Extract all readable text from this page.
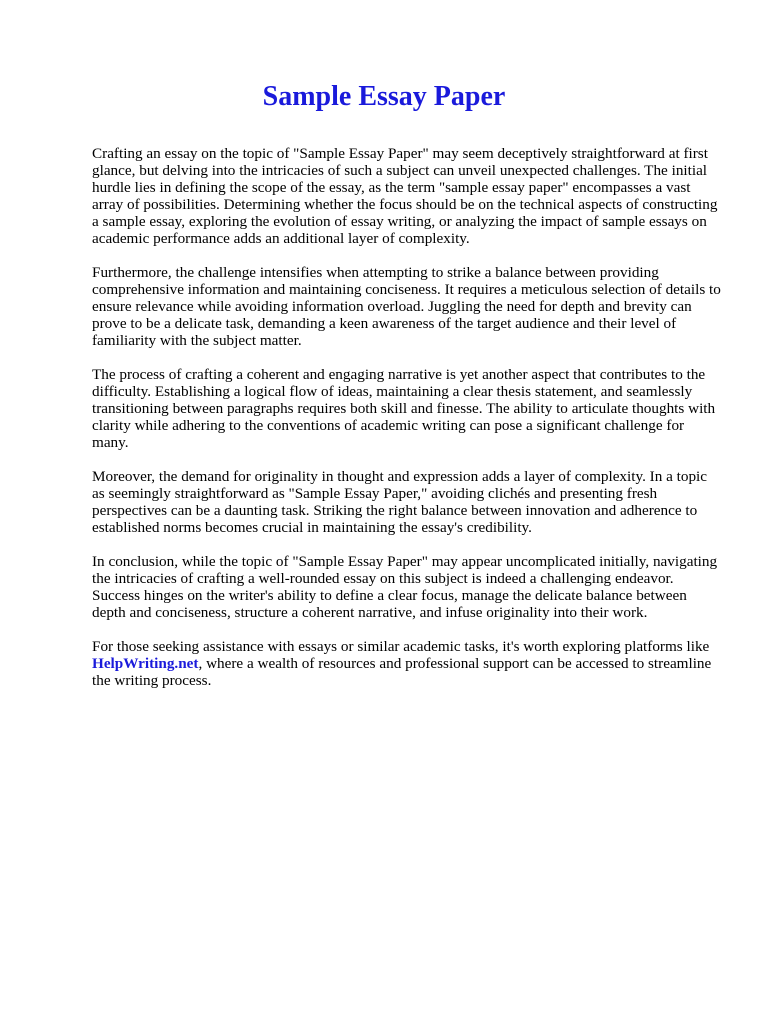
Sample Essay Paper

Crafting an essay on the topic of "Sample Essay Paper" may seem deceptively straightforward at first glance, but delving into the intricacies of such a subject can unveil unexpected challenges. The initial hurdle lies in defining the scope of the essay, as the term "sample essay paper" encompasses a vast array of possibilities. Determining whether the focus should be on the technical aspects of constructing a sample essay, exploring the evolution of essay writing, or analyzing the impact of sample essays on academic performance adds an additional layer of complexity.

Furthermore, the challenge intensifies when attempting to strike a balance between providing comprehensive information and maintaining conciseness. It requires a meticulous selection of details to ensure relevance while avoiding information overload. Juggling the need for depth and brevity can prove to be a delicate task, demanding a keen awareness of the target audience and their level of familiarity with the subject matter.

The process of crafting a coherent and engaging narrative is yet another aspect that contributes to the difficulty. Establishing a logical flow of ideas, maintaining a clear thesis statement, and seamlessly transitioning between paragraphs requires both skill and finesse. The ability to articulate thoughts with clarity while adhering to the conventions of academic writing can pose a significant challenge for many.

Moreover, the demand for originality in thought and expression adds a layer of complexity. In a topic as seemingly straightforward as "Sample Essay Paper," avoiding clichés and presenting fresh perspectives can be a daunting task. Striking the right balance between innovation and adherence to established norms becomes crucial in maintaining the essay's credibility.

In conclusion, while the topic of "Sample Essay Paper" may appear uncomplicated initially, navigating the intricacies of crafting a well-rounded essay on this subject is indeed a challenging endeavor. Success hinges on the writer's ability to define a clear focus, manage the delicate balance between depth and conciseness, structure a coherent narrative, and infuse originality into their work.

For those seeking assistance with essays or similar academic tasks, it's worth exploring platforms like HelpWriting.net, where a wealth of resources and professional support can be accessed to streamline the writing process.
